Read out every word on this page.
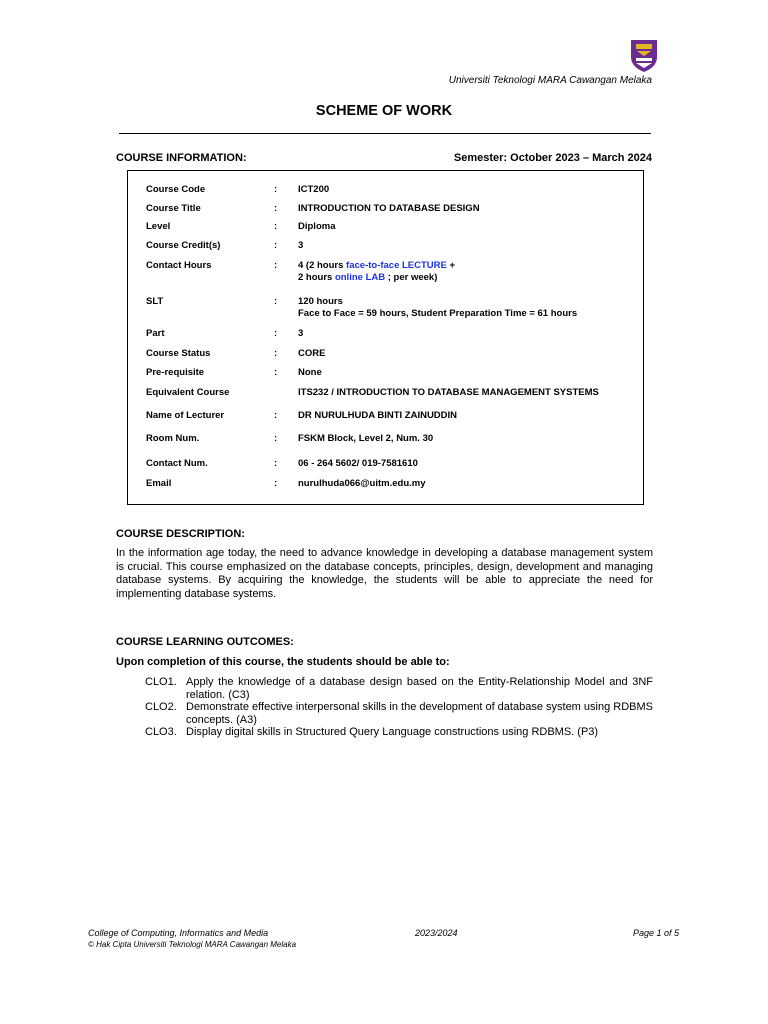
Universiti Teknologi MARA Cawangan Melaka
SCHEME OF WORK
COURSE INFORMATION:	Semester: October 2023 – March 2024
Course Code	: ICT200
Course Title	: INTRODUCTION TO DATABASE DESIGN
Level	: Diploma
Course Credit(s)	: 3
Contact Hours	: 4 (2 hours face-to-face LECTURE +
2 hours online LAB ; per week)
SLT	: 120 hours
Face to Face = 59 hours, Student Preparation Time = 61 hours
Part	: 3
Course Status	: CORE
Pre-requisite	: None
Equivalent Course	ITS232 / INTRODUCTION TO DATABASE MANAGEMENT SYSTEMS
Name of Lecturer	: DR NURULHUDA BINTI ZAINUDDIN
Room Num.	: FSKM Block, Level 2, Num. 30
Contact Num.	: 06 - 264 5602/ 019-7581610
Email	: nurulhuda066@uitm.edu.my
COURSE DESCRIPTION:
In the information age today, the need to advance knowledge in developing a database management system is crucial. This course emphasized on the database concepts, principles, design, development and managing database systems. By acquiring the knowledge, the students will be able to appreciate the need for implementing database systems.
COURSE LEARNING OUTCOMES:
Upon completion of this course, the students should be able to:
CLO1. Apply the knowledge of a database design based on the Entity-Relationship Model and 3NF relation. (C3)
CLO2. Demonstrate effective interpersonal skills in the development of database system using RDBMS concepts. (A3)
CLO3. Display digital skills in Structured Query Language constructions using RDBMS. (P3)
College of Computing, Informatics and Media	2023/2024	Page 1 of 5
© Hak Cipta Universiti Teknologi MARA Cawangan Melaka
